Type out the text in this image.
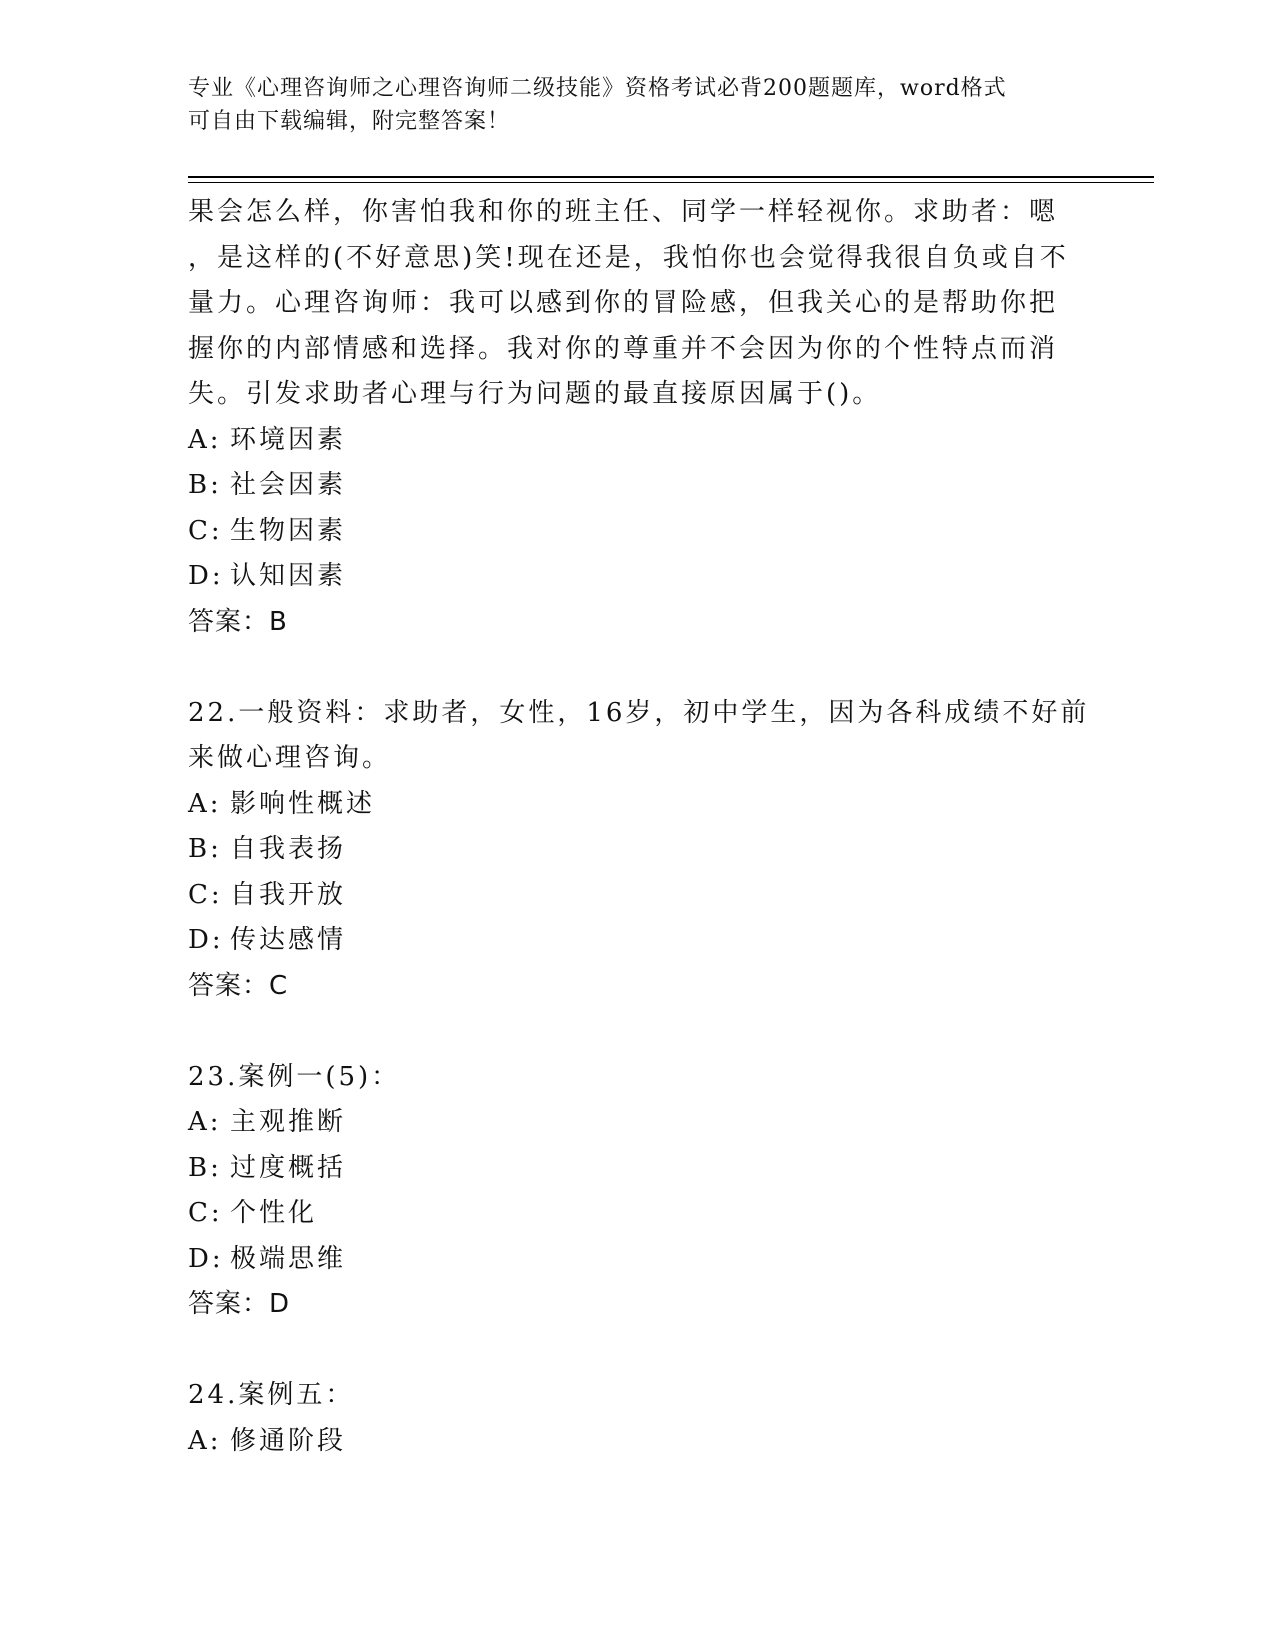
专业《心理咨询师之心理咨询师二级技能》资格考试必背200题题库，word格式
可自由下载编辑，附完整答案！
果会怎么样，你害怕我和你的班主任、同学一样轻视你。求助者：嗯
，是这样的(不好意思)笑!现在还是，我怕你也会觉得我很自负或自不
量力。心理咨询师：我可以感到你的冒险感，但我关心的是帮助你把
握你的内部情感和选择。我对你的尊重并不会因为你的个性特点而消
失。引发求助者心理与行为问题的最直接原因属于()。
A: 环境因素
B: 社会因素
C: 生物因素
D: 认知因素
答案：B
22.一般资料：求助者，女性，16岁，初中学生，因为各科成绩不好前
来做心理咨询。
A: 影响性概述
B: 自我表扬
C: 自我开放
D: 传达感情
答案：C
23.案例一(5)：
A: 主观推断
B: 过度概括
C: 个性化
D: 极端思维
答案：D
24.案例五：
A: 修通阶段
